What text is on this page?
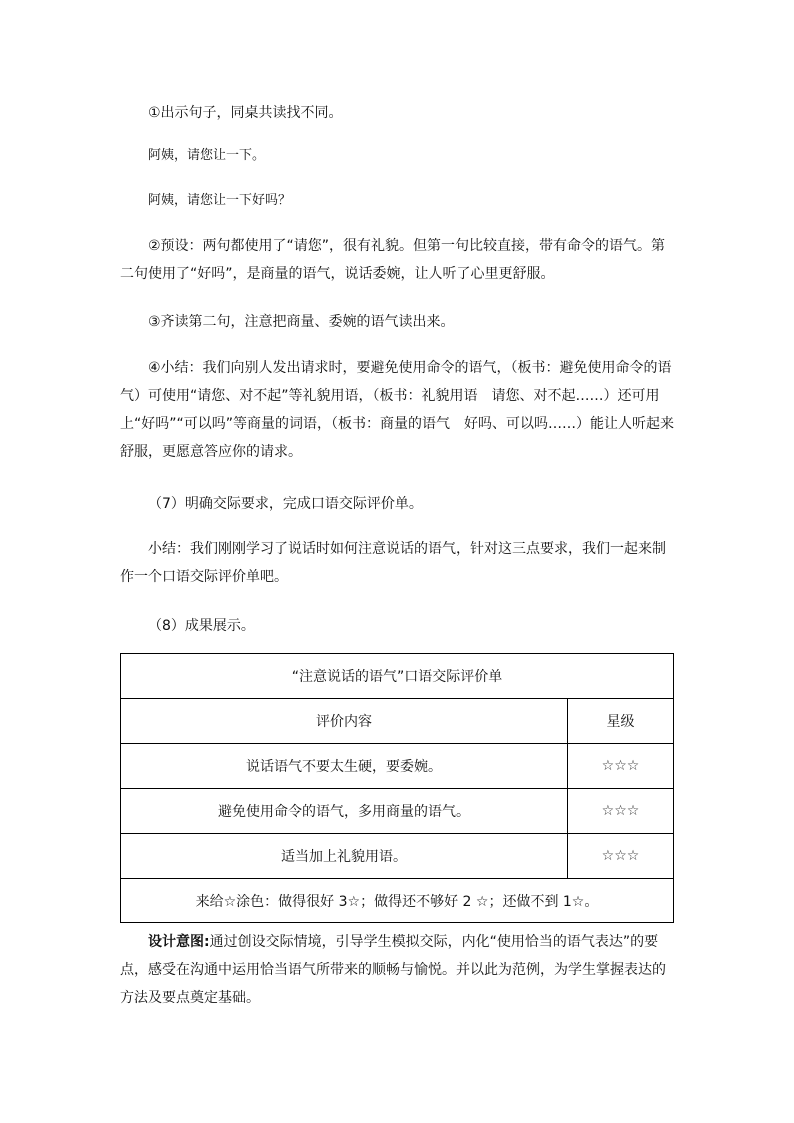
①出示句子，同桌共读找不同。

阿姨，请您让一下。

阿姨，请您让一下好吗？

②预设：两句都使用了“请您”，很有礼貌。但第一句比较直接，带有命令的语气。第二句使用了“好吗”，是商量的语气，说话委婉，让人听了心里更舒服。

③齐读第二句，注意把商量、委婉的语气读出来。

④小结：我们向别人发出请求时，要避免使用命令的语气，（板书：避免使用命令的语气）可使用“请您、对不起”等礼貌用语，（板书：礼貌用语　请您、对不起……）还可用上“好吗”“可以吗”等商量的词语，（板书：商量的语气　好吗、可以吗……）能让人听起来舒服，更愿意答应你的请求。

（7）明确交际要求，完成口语交际评价单。

小结：我们刚刚学习了说话时如何注意说话的语气，针对这三点要求，我们一起来制作一个口语交际评价单吧。

（8）成果展示。

“注意说话的语气”口语交际评价单	
评价内容	星级
说话语气不要太生硬，要委婉。	☆☆☆
避免使用命令的语气，多用商量的语气。	☆☆☆
适当加上礼貌用语。	☆☆☆
来给☆涂色：做得很好 3☆；做得还不够好 2 ☆；还做不到 1☆。	

设计意图:通过创设交际情境，引导学生模拟交际，内化“使用恰当的语气表达”的要点，感受在沟通中运用恰当语气所带来的顺畅与愉悦。并以此为范例，为学生掌握表达的方法及要点奠定基础。
